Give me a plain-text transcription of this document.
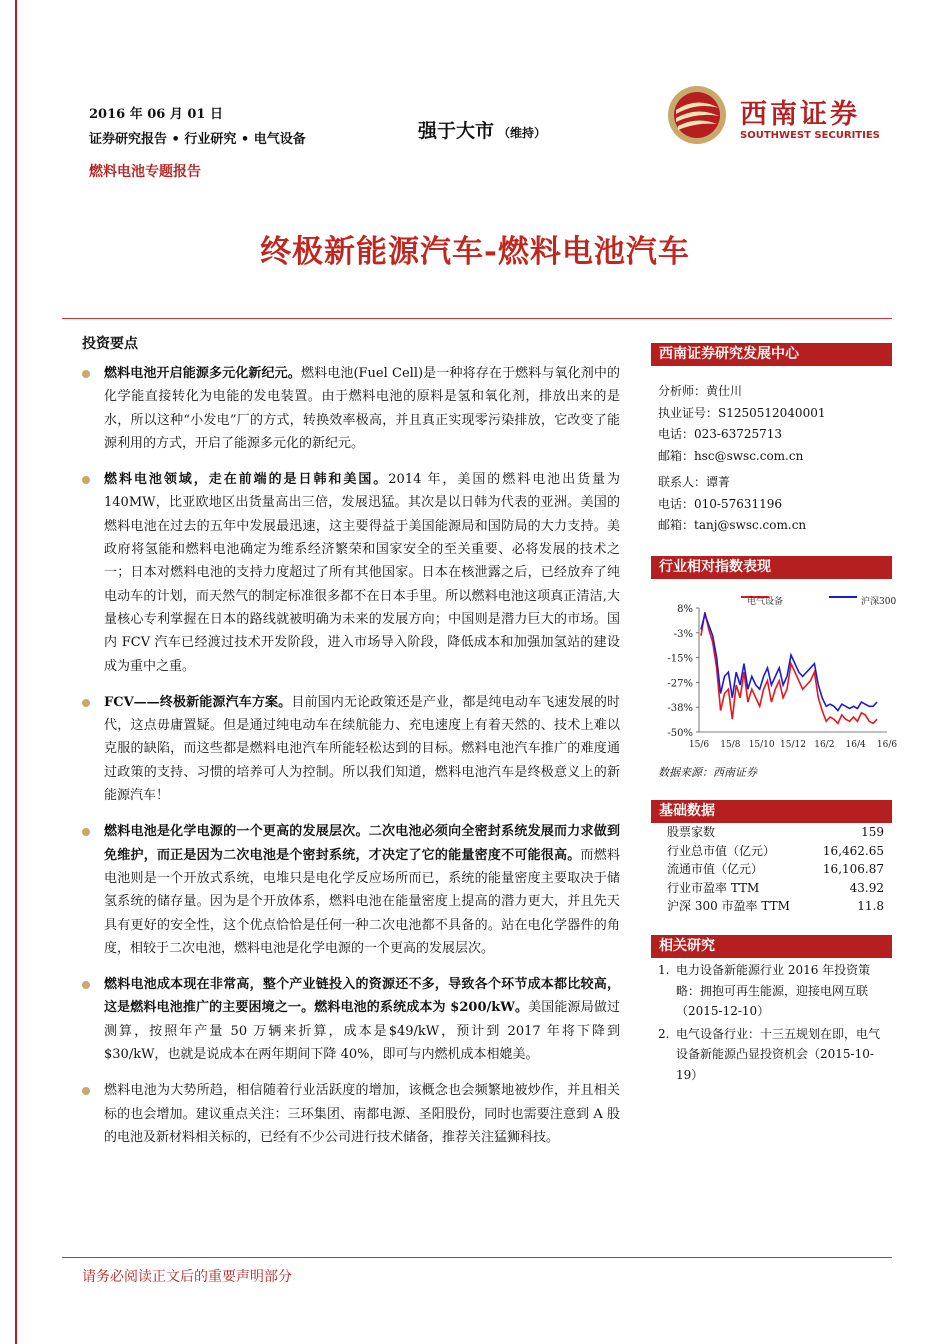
2016 年 06 月 01 日
证券研究报告 • 行业研究 • 电气设备
燃料电池专题报告
强于大市 （维持）
西南证券
SOUTHWEST SECURITIES
终极新能源汽车-燃料电池汽车
投资要点
燃料电池开启能源多元化新纪元。燃料电池(Fuel Cell)是一种将存在于燃料与氧化剂中的化学能直接转化为电能的发电装置。由于燃料电池的原料是氢和氧化剂，排放出来的是水，所以这种“小发电”厂的方式，转换效率极高，并且真正实现零污染排放，它改变了能源利用的方式，开启了能源多元化的新纪元。
燃料电池领域，走在前端的是日韩和美国。2014 年，美国的燃料电池出货量为 140MW，比亚欧地区出货量高出三倍，发展迅猛。其次是以日韩为代表的亚洲。美国的燃料电池在过去的五年中发展最迅速，这主要得益于美国能源局和国防局的大力支持。美政府将氢能和燃料电池确定为维系经济繁荣和国家安全的至关重要、必将发展的技术之一；日本对燃料电池的支持力度超过了所有其他国家。日本在核泄露之后，已经放弃了纯电动车的计划，而天然气的制定标准很多都不在日本手里。所以燃料电池这项真正清洁,大量核心专利掌握在日本的路线就被明确为未来的发展方向；中国则是潜力巨大的市场。国内 FCV 汽车已经渡过技术开发阶段，进入市场导入阶段，降低成本和加强加氢站的建设成为重中之重。
FCV——终极新能源汽车方案。目前国内无论政策还是产业，都是纯电动车飞速发展的时代，这点毋庸置疑。但是通过纯电动车在续航能力、充电速度上有着天然的、技术上难以克服的缺陷，而这些都是燃料电池汽车所能轻松达到的目标。燃料电池汽车推广的难度通过政策的支持、习惯的培养可人为控制。所以我们知道，燃料电池汽车是终极意义上的新能源汽车！
燃料电池是化学电源的一个更高的发展层次。二次电池必须向全密封系统发展而力求做到免维护，而正是因为二次电池是个密封系统，才决定了它的能量密度不可能很高。而燃料电池则是一个开放式系统，电堆只是电化学反应场所而已，系统的能量密度主要取决于储氢系统的储存量。因为是个开放体系，燃料电池在能量密度上提高的潜力更大，并且先天具有更好的安全性，这个优点恰恰是任何一种二次电池都不具备的。站在电化学器件的角度，相较于二次电池，燃料电池是化学电源的一个更高的发展层次。
燃料电池成本现在非常高，整个产业链投入的资源还不多，导致各个环节成本都比较高，这是燃料电池推广的主要困境之一。燃料电池的系统成本为 $200/kW。美国能源局做过测算，按照年产量 50 万辆来折算，成本是$49/kW，预计到 2017 年将下降到$30/kW，也就是说成本在两年期间下降 40%，即可与内燃机成本相媲美。
燃料电池为大势所趋，相信随着行业活跃度的增加，该概念也会频繁地被炒作，并且相关标的也会增加。建议重点关注：三环集团、南都电源、圣阳股份，同时也需要注意到 A 股的电池及新材料相关标的，已经有不少公司进行技术储备，推荐关注猛狮科技。
西南证券研究发展中心
分析师：黄仕川
执业证号：S1250512040001
电话：023-63725713
邮箱：hsc@swsc.com.cn
联系人：谭菁
电话：010-57631196
邮箱：tanj@swsc.com.cn
行业相对指数表现
8%
-3%
-15%
-27%
-38%
-50%
15/6 15/8 15/10 15/12 16/2 16/4 16/6
电气设备	沪深300
数据来源：西南证券
基础数据
股票家数	159
行业总市值（亿元）	16,462.65
流通市值（亿元）	16,106.87
行业市盈率 TTM	43.92
沪深 300 市盈率 TTM	11.8
相关研究
1. 电力设备新能源行业 2016 年投资策略：拥抱可再生能源，迎接电网互联（2015-12-10）
2. 电气设备行业：十三五规划在即，电气设备新能源凸显投资机会（2015-10-19）
请务必阅读正文后的重要声明部分
